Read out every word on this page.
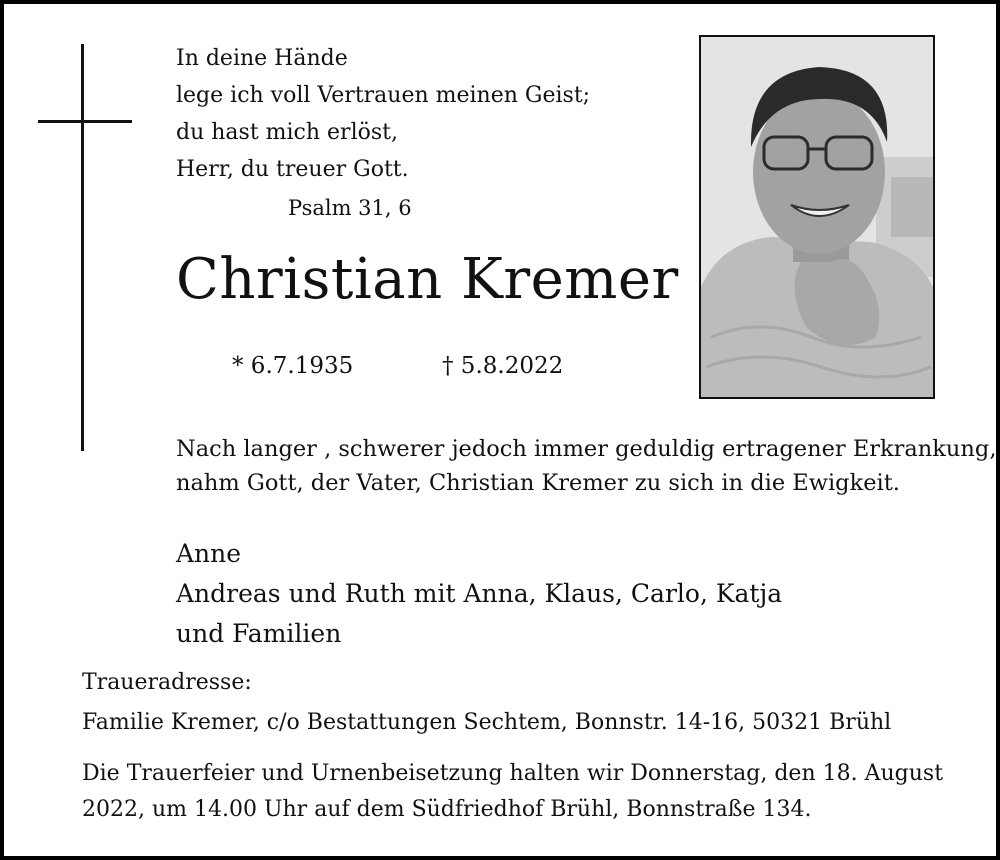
In deine Hände
lege ich voll Vertrauen meinen Geist;
du hast mich erlöst,
Herr, du treuer Gott.
Psalm 31, 6
Christian Kremer
* 6.7.1935	† 5.8.2022
Nach langer , schwerer jedoch immer geduldig ertragener Erkrankung,
nahm Gott, der Vater, Christian Kremer zu sich in die Ewigkeit.
Anne
Andreas und Ruth mit Anna, Klaus, Carlo, Katja
und Familien
Traueradresse:
Familie Kremer, c/o Bestattungen Sechtem, Bonnstr. 14-16, 50321 Brühl
Die Trauerfeier und Urnenbeisetzung halten wir Donnerstag, den 18. August
2022, um 14.00 Uhr auf dem Südfriedhof Brühl, Bonnstraße 134.
